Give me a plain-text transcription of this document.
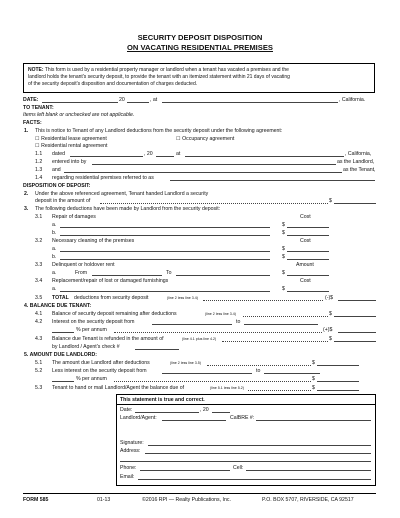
SECURITY DEPOSIT DISPOSITION
ON VACATING RESIDENTIAL PREMISES
NOTE: This form is used by a residential property manager or landlord when a tenant has vacated a premises and the
landlord holds the tenant's security deposit, to provide the tenant with an itemized statement within 21 days of vacating
of the security deposit's disposition and documentation of charges deducted.
DATE:	20	, at	, California.
TO TENANT:
Items left blank or unchecked are not applicable.
FACTS:
1. This is notice to Tenant of any Landlord deductions from the security deposit under the following agreement:
☐ Residential lease agreement	☐ Occupancy agreement
☐ Residential rental agreement
1.1 dated	, 20	at	, California,
1.2 entered into by	as the Landlord,
1.3 and	as the Tenant,
1.4 regarding residential premises referred to as
DISPOSITION OF DEPOSIT:
2. Under the above referenced agreement, Tenant handed Landlord a security
deposit in the amount of	$
3. The following deductions have been made by Landlord from the security deposit:
3.1 Repair of damages	Cost
a.	$
b.	$
3.2 Necessary cleaning of the premises	Cost
a.	$
b.	$
3.3 Delinquent or holdover rent	Amount
a.	From	To	$
3.4 Replacement/repair of lost or damaged furnishings	Cost
a.	$
3.5 TOTAL deductions from security deposit	(line 2 less line 3.4)	(-)$
4. BALANCE DUE TENANT:
4.1 Balance of security deposit remaining after deductions	(line 2 less line 3.4)	$
4.2 Interest on the security deposit from	to
% per annum	(+)$
4.3 Balance due Tenant is refunded in the amount of	(line 4.1 plus line 4.2)	$
by Landlord / Agent's check #
5. AMOUNT DUE LANDLORD:
5.1 The amount due Landlord after deductions	(line 2 less line 3.5)	$
5.2 Less interest on the security deposit from	to
% per annum	$
5.3 Tenant to hand or mail Landlord/Agent the balance due of	(line 5.1 less line 5.2)	$
This statement is true and correct.
Date:	, 20
Landlord/Agent:	CalBRE #:
Signature:
Address:
Phone:	Cell:
Email:
FORM 585	01-13	©2016 RPI — Realty Publications, Inc.	P.O. BOX 5707, RIVERSIDE, CA 92517
